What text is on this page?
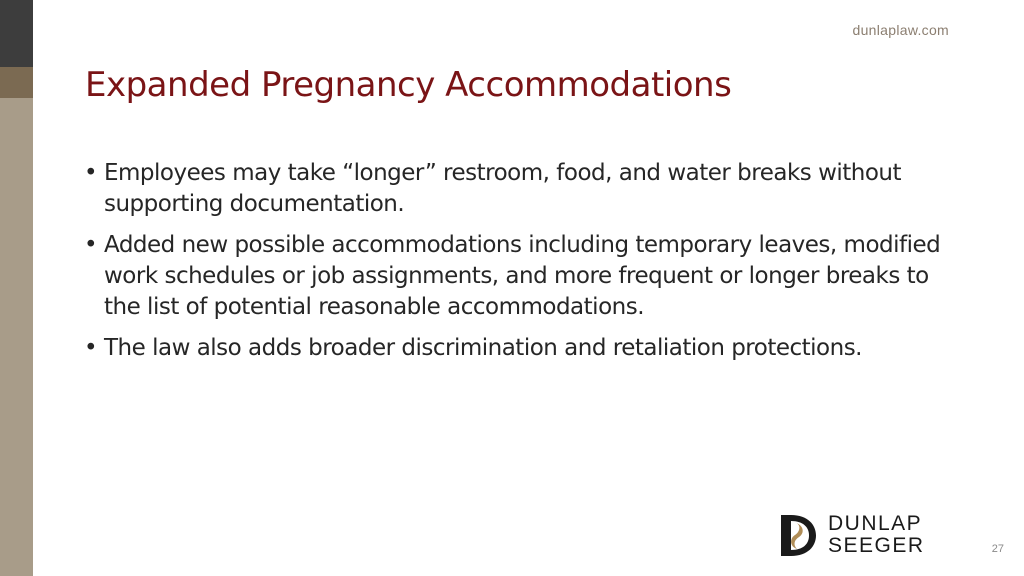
dunlaplaw.com
Expanded Pregnancy Accommodations
• Employees may take “longer” restroom, food, and water breaks without supporting documentation.
• Added new possible accommodations including temporary leaves, modified work schedules or job assignments, and more frequent or longer breaks to the list of potential reasonable accommodations.
• The law also adds broader discrimination and retaliation protections.
DUNLAP
SEEGER	27
